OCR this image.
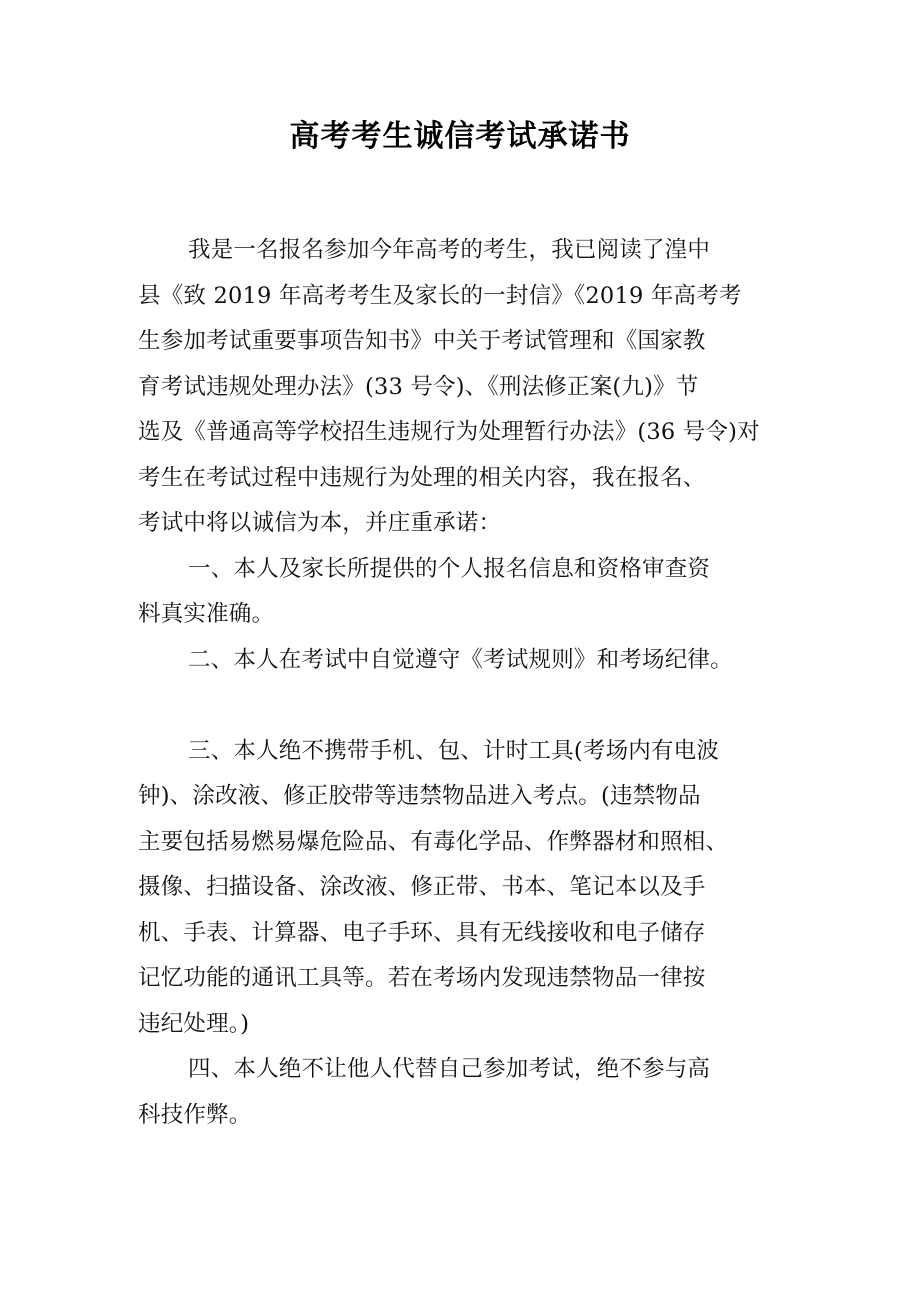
高考考生诚信考试承诺书
我是一名报名参加今年高考的考生，我已阅读了湟中
县《致 2019 年高考考生及家长的一封信》《2019 年高考考
生参加考试重要事项告知书》中关于考试管理和《国家教
育考试违规处理办法》(33 号令)、《刑法修正案(九)》节
选及《普通高等学校招生违规行为处理暂行办法》(36 号令)对
考生在考试过程中违规行为处理的相关内容，我在报名、
考试中将以诚信为本，并庄重承诺：
一、本人及家长所提供的个人报名信息和资格审查资
料真实准确。
二、本人在考试中自觉遵守《考试规则》和考场纪律。
三、本人绝不携带手机、包、计时工具(考场内有电波
钟)、涂改液、修正胶带等违禁物品进入考点。(违禁物品
主要包括易燃易爆危险品、有毒化学品、作弊器材和照相、
摄像、扫描设备、涂改液、修正带、书本、笔记本以及手
机、手表、计算器、电子手环、具有无线接收和电子储存
记忆功能的通讯工具等。若在考场内发现违禁物品一律按
违纪处理。)
四、本人绝不让他人代替自己参加考试，绝不参与高
科技作弊。
